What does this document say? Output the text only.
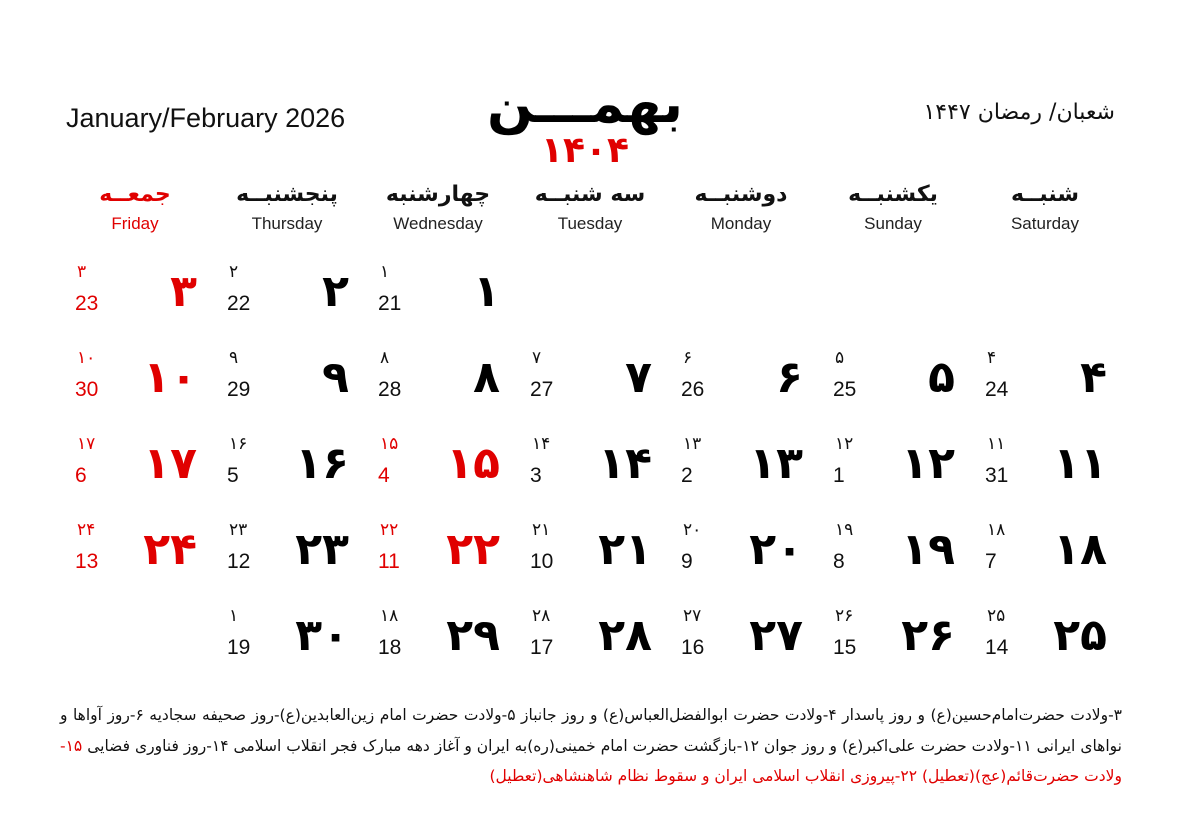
بهمـــن
۱۴۰۴
January/February 2026	شعبان/ رمضان ۱۴۴۷
شنبــه
Saturday
یکشنبــه
Sunday
دوشنبــه
Monday
سه شنبــه
Tuesday
چهارشنبه
Wednesday
پنجشنبــه
Thursday
جمعــه
Friday
۱
۱
21
۲
۲
22
۳
۳
23
۴
۴
24
۵
۵
25
۶
۶
26
۷
۷
27
۸
۸
28
۹
۹
29
۱۰
۱۰
30
۱۱
۱۱
31
۱۲
۱۲
1
۱۳
۱۳
2
۱۴
۱۴
3
۱۵
۱۵
4
۱۶
۱۶
5
۱۷
۱۷
6
۱۸
۱۸
7
۱۹
۱۹
8
۲۰
۲۰
9
۲۱
۲۱
10
۲۲
۲۲
11
۲۳
۲۳
12
۲۴
۲۴
13
۲۵
۲۵
14
۲۶
۲۶
15
۲۷
۲۷
16
۲۸
۲۸
17
۲۹
۱۸
18
۳۰
۱
19
۳-ولادت حضرت‌امام‌حسین(ع) و روز پاسدار ۴-ولادت حضرت ابوالفضل‌العباس(ع) و روز جانباز ۵-ولادت حضرت امام زین‌العابدین(ع)-روز صحیفه سجادیه ۶-روز آواها و نواهای ایرانی ۱۱-ولادت حضرت علی‌اکبر(ع) و روز جوان ۱۲-بازگشت حضرت امام خمینی(ره)به ایران و آغاز دهه مبارک فجر انقلاب اسلامی ۱۴-روز فناوری فضایی ۱۵-ولادت حضرت‌قائم(عج)(تعطیل) ۲۲-پیروزی انقلاب اسلامی ایران و سقوط نظام شاهنشاهی(تعطیل)
